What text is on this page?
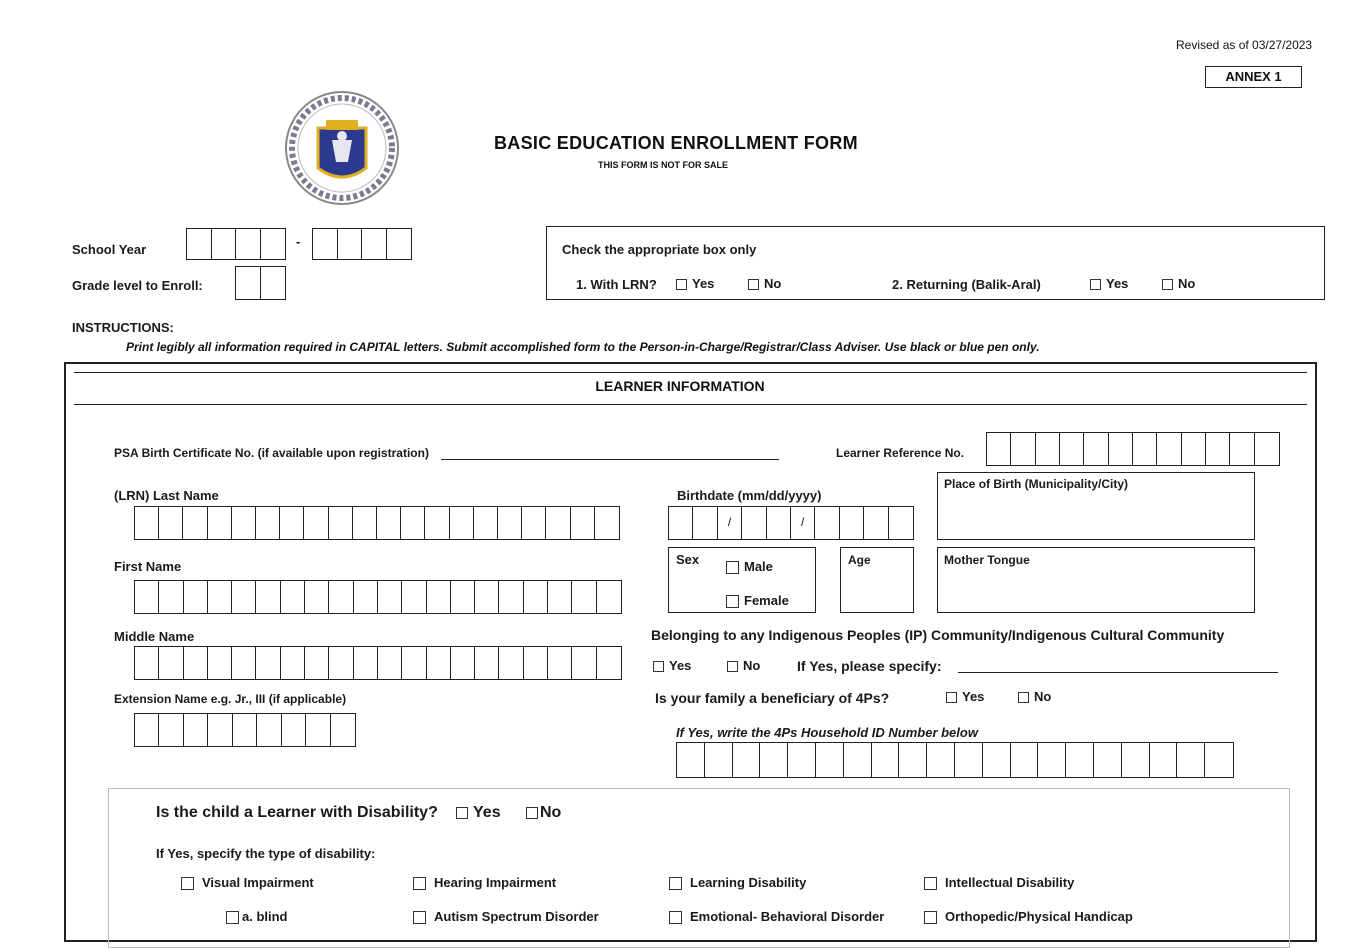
Revised as of 03/27/2023
ANNEX 1
BASIC EDUCATION ENROLLMENT FORM
THIS FORM IS NOT FOR SALE
School Year
-
Grade level to Enroll:
Check the appropriate box only
1. With LRN?	Yes	No	2. Returning (Balik-Aral)	Yes	No
INSTRUCTIONS:
Print legibly all information required in CAPITAL letters. Submit accomplished form to the Person-in-Charge/Registrar/Class Adviser. Use black or blue pen only.
LEARNER INFORMATION
PSA Birth Certificate No. (if available upon registration)	Learner Reference No.
(LRN) Last Name	Birthdate (mm/dd/yyyy)
/	/
Place of Birth (Municipality/City)
First Name	Sex	Male
Female
Age	Mother Tongue
Middle Name	Belonging to any Indigenous Peoples (IP) Community/Indigenous Cultural Community
Yes	No	If Yes, please specify:
Extension Name e.g. Jr., III (if applicable)	Is your family a beneficiary of 4Ps?	Yes	No
If Yes, write the 4Ps Household ID Number below
Is the child a Learner with Disability?	Yes	No
If Yes, specify the type of disability:
Visual Impairment	Hearing Impairment	Learning Disability	Intellectual Disability
a. blind	Autism Spectrum Disorder	Emotional- Behavioral Disorder	Orthopedic/Physical Handicap
